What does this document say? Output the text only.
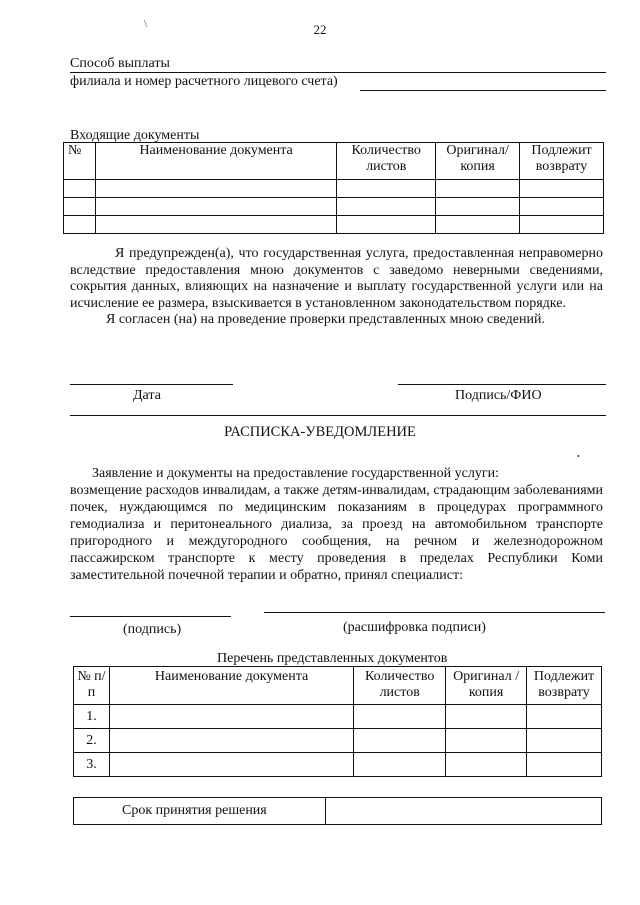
\	22
Способ выплаты
филиала и номер расчетного лицевого счета)
Входящие документы
№	Наименование документа	Количество листов	Оригинал/ копия	Подлежит возврату

Я предупрежден(а), что государственная услуга, предоставленная неправомерно вследствие предоставления мною документов с заведомо неверными сведениями, сокрытия данных, влияющих на назначение и выплату государственной услуги или на исчисление ее размера, взыскивается в установленном законодательством порядке.

Я согласен (на) на проведение проверки представленных мною сведений.

Дата	Подпись/ФИО
РАСПИСКА-УВЕДОМЛЕНИЕ
•

Заявление и документы на предоставление государственной услуги:

возмещение расходов инвалидам, а также детям-инвалидам, страдающим заболеваниями почек, нуждающимся по медицинским показаниям в процедурах программного гемодиализа и перитонеального диализа, за проезд на автомобильном транспорте пригородного и междугородного сообщения, на речном и железнодорожном пассажирском транспорте к месту проведения в пределах Республики Коми заместительной почечной терапии и обратно, принял специалист:

(подпись)	(расшифровка подписи)
Перечень представленных документов
№ п/п	Наименование документа	Количество листов	Оригинал /копия	Подлежит возврату
1.				
2.				
3.				
Срок принятия решения	
